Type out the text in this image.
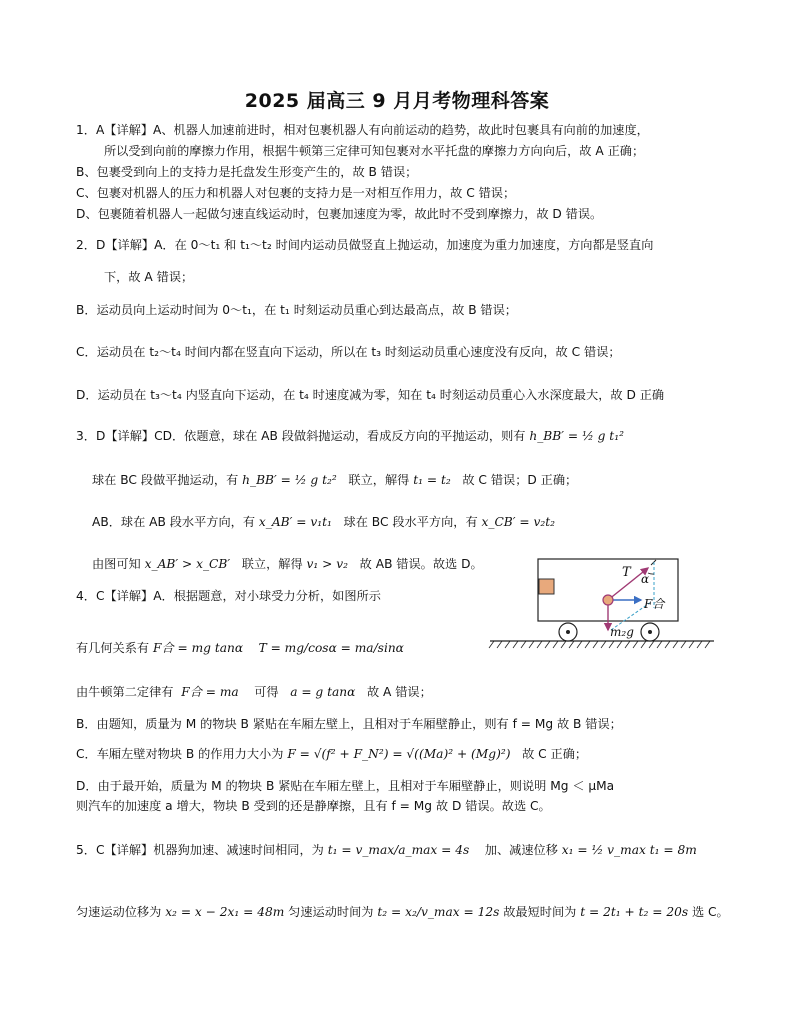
2025 届高三 9 月月考物理科答案
1．A【详解】A、机器人加速前进时，相对包裹机器人有向前运动的趋势，故此时包裹具有向前的加速度，
所以受到向前的摩擦力作用，根据牛顿第三定律可知包裹对水平托盘的摩擦力方向向后，故 A 正确；
B、包裹受到向上的支持力是托盘发生形变产生的，故 B 错误；
C、包裹对机器人的压力和机器人对包裹的支持力是一对相互作用力，故 C 错误；
D、包裹随着机器人一起做匀速直线运动时，包裹加速度为零，故此时不受到摩擦力，故 D 错误。
2．D【详解】A．在 0～t₁ 和 t₁～t₂ 时间内运动员做竖直上抛运动，加速度为重力加速度，方向都是竖直向
下，故 A 错误；
B．运动员向上运动时间为 0～t₁，在 t₁ 时刻运动员重心到达最高点，故 B 错误；
C．运动员在 t₂～t₄ 时间内都在竖直向下运动，所以在 t₃ 时刻运动员重心速度没有反向，故 C 错误；
D．运动员在 t₃～t₄ 内竖直向下运动，在 t₄ 时速度减为零，知在 t₄ 时刻运动员重心入水深度最大，故 D 正确
3．D【详解】CD．依题意，球在 AB 段做斜抛运动，看成反方向的平抛运动，则有 h_BB′ = ½ g t₁²
球在 BC 段做平抛运动，有 h_BB′ = ½ g t₂² 联立，解得 t₁ = t₂ 故 C 错误；D 正确；
AB．球在 AB 段水平方向，有 x_AB′ = v₁t₁ 球在 BC 段水平方向，有 x_CB′ = v₂t₂
由图可知 x_AB′ > x_CB′ 联立，解得 v₁ > v₂ 故 AB 错误。故选 D。
4．C【详解】A．根据题意，对小球受力分析，如图所示
T α
F合
m₂g
有几何关系有 F合 = mg tanα T = mg/cosα = ma/sinα
由牛顿第二定律有 F合 = ma 可得 a = g tanα 故 A 错误；
B．由题知，质量为 M 的物块 B 紧贴在车厢左壁上，且相对于车厢壁静止，则有 f = Mg 故 B 错误；
C．车厢左壁对物块 B 的作用力大小为 F = √(f² + F_N²) = √((Ma)² + (Mg)²) 故 C 正确；
D．由于最开始，质量为 M 的物块 B 紧贴在车厢左壁上，且相对于车厢壁静止，则说明 Mg ＜ μMa
则汽车的加速度 a 增大，物块 B 受到的还是静摩擦，且有 f = Mg 故 D 错误。故选 C。
5．C【详解】机器狗加速、减速时间相同，为 t₁ = v_max/a_max = 4s 加、减速位移 x₁ = ½ v_max t₁ = 8m
匀速运动位移为 x₂ = x − 2x₁ = 48m 匀速运动时间为 t₂ = x₂/v_max = 12s 故最短时间为 t = 2t₁ + t₂ = 20s 选 C。
